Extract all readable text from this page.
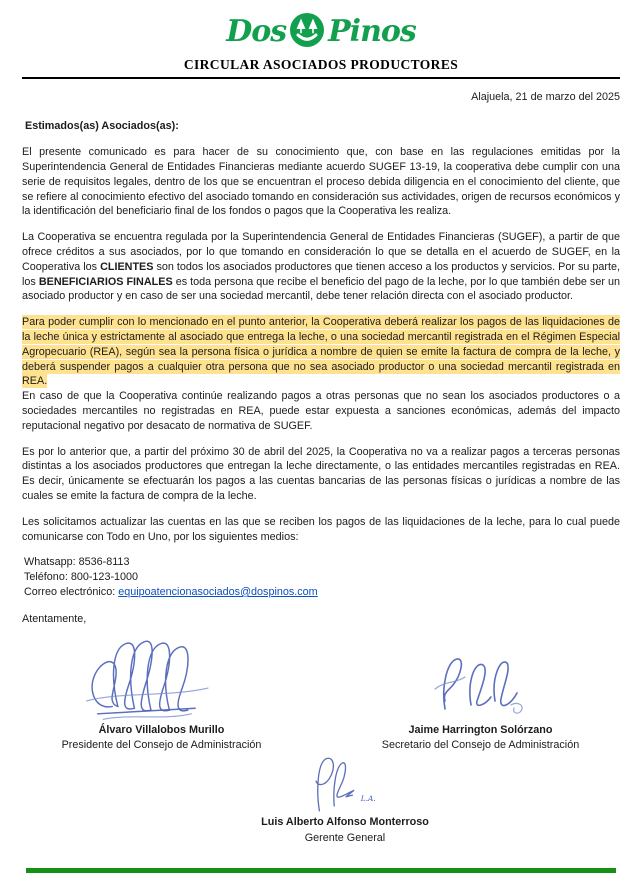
Dos Pinos
CIRCULAR ASOCIADOS PRODUCTORES
Alajuela, 21 de marzo del 2025
Estimados(as) Asociados(as):

El presente comunicado es para hacer de su conocimiento que, con base en las regulaciones emitidas por la Superintendencia General de Entidades Financieras mediante acuerdo SUGEF 13-19, la cooperativa debe cumplir con una serie de requisitos legales, dentro de los que se encuentran el proceso debida diligencia en el conocimiento del cliente, que se refiere al conocimiento efectivo del asociado tomando en consideración sus actividades, origen de recursos económicos y la identificación del beneficiario final de los fondos o pagos que la Cooperativa les realiza.

La Cooperativa se encuentra regulada por la Superintendencia General de Entidades Financieras (SUGEF), a partir de que ofrece créditos a sus asociados, por lo que tomando en consideración lo que se detalla en el acuerdo de SUGEF, en la Cooperativa los CLIENTES son todos los asociados productores que tienen acceso a los productos y servicios. Por su parte, los BENEFICIARIOS FINALES es toda persona que recibe el beneficio del pago de la leche, por lo que también debe ser un asociado productor y en caso de ser una sociedad mercantil, debe tener relación directa con el asociado productor.

Para poder cumplir con lo mencionado en el punto anterior, la Cooperativa deberá realizar los pagos de las liquidaciones de la leche única y estrictamente al asociado que entrega la leche, o una sociedad mercantil registrada en el Régimen Especial Agropecuario (REA), según sea la persona física o jurídica a nombre de quien se emite la factura de compra de la leche, y deberá suspender pagos a cualquier otra persona que no sea asociado productor o una sociedad mercantil registrada en REA.

En caso de que la Cooperativa continúe realizando pagos a otras personas que no sean los asociados productores o a sociedades mercantiles no registradas en REA, puede estar expuesta a sanciones económicas, además del impacto reputacional negativo por desacato de normativa de SUGEF.

Es por lo anterior que, a partir del próximo 30 de abril del 2025, la Cooperativa no va a realizar pagos a terceras personas distintas a los asociados productores que entregan la leche directamente, o las entidades mercantiles registradas en REA. Es decir, únicamente se efectuarán los pagos a las cuentas bancarias de las personas físicas o jurídicas a nombre de las cuales se emite la factura de compra de la leche.

Les solicitamos actualizar las cuentas en las que se reciben los pagos de las liquidaciones de la leche, para lo cual puede comunicarse con Todo en Uno, por los siguientes medios:

Whatsapp: 8536-8113
Teléfono: 800-123-1000
Correo electrónico: equipoatencionasociados@dospinos.com
Atentamente,
Álvaro Villalobos Murillo
Presidente del Consejo de Administración
Jaime Harrington Solórzano
Secretario del Consejo de Administración
L.A.
Luis Alberto Alfonso Monterroso
Gerente General
